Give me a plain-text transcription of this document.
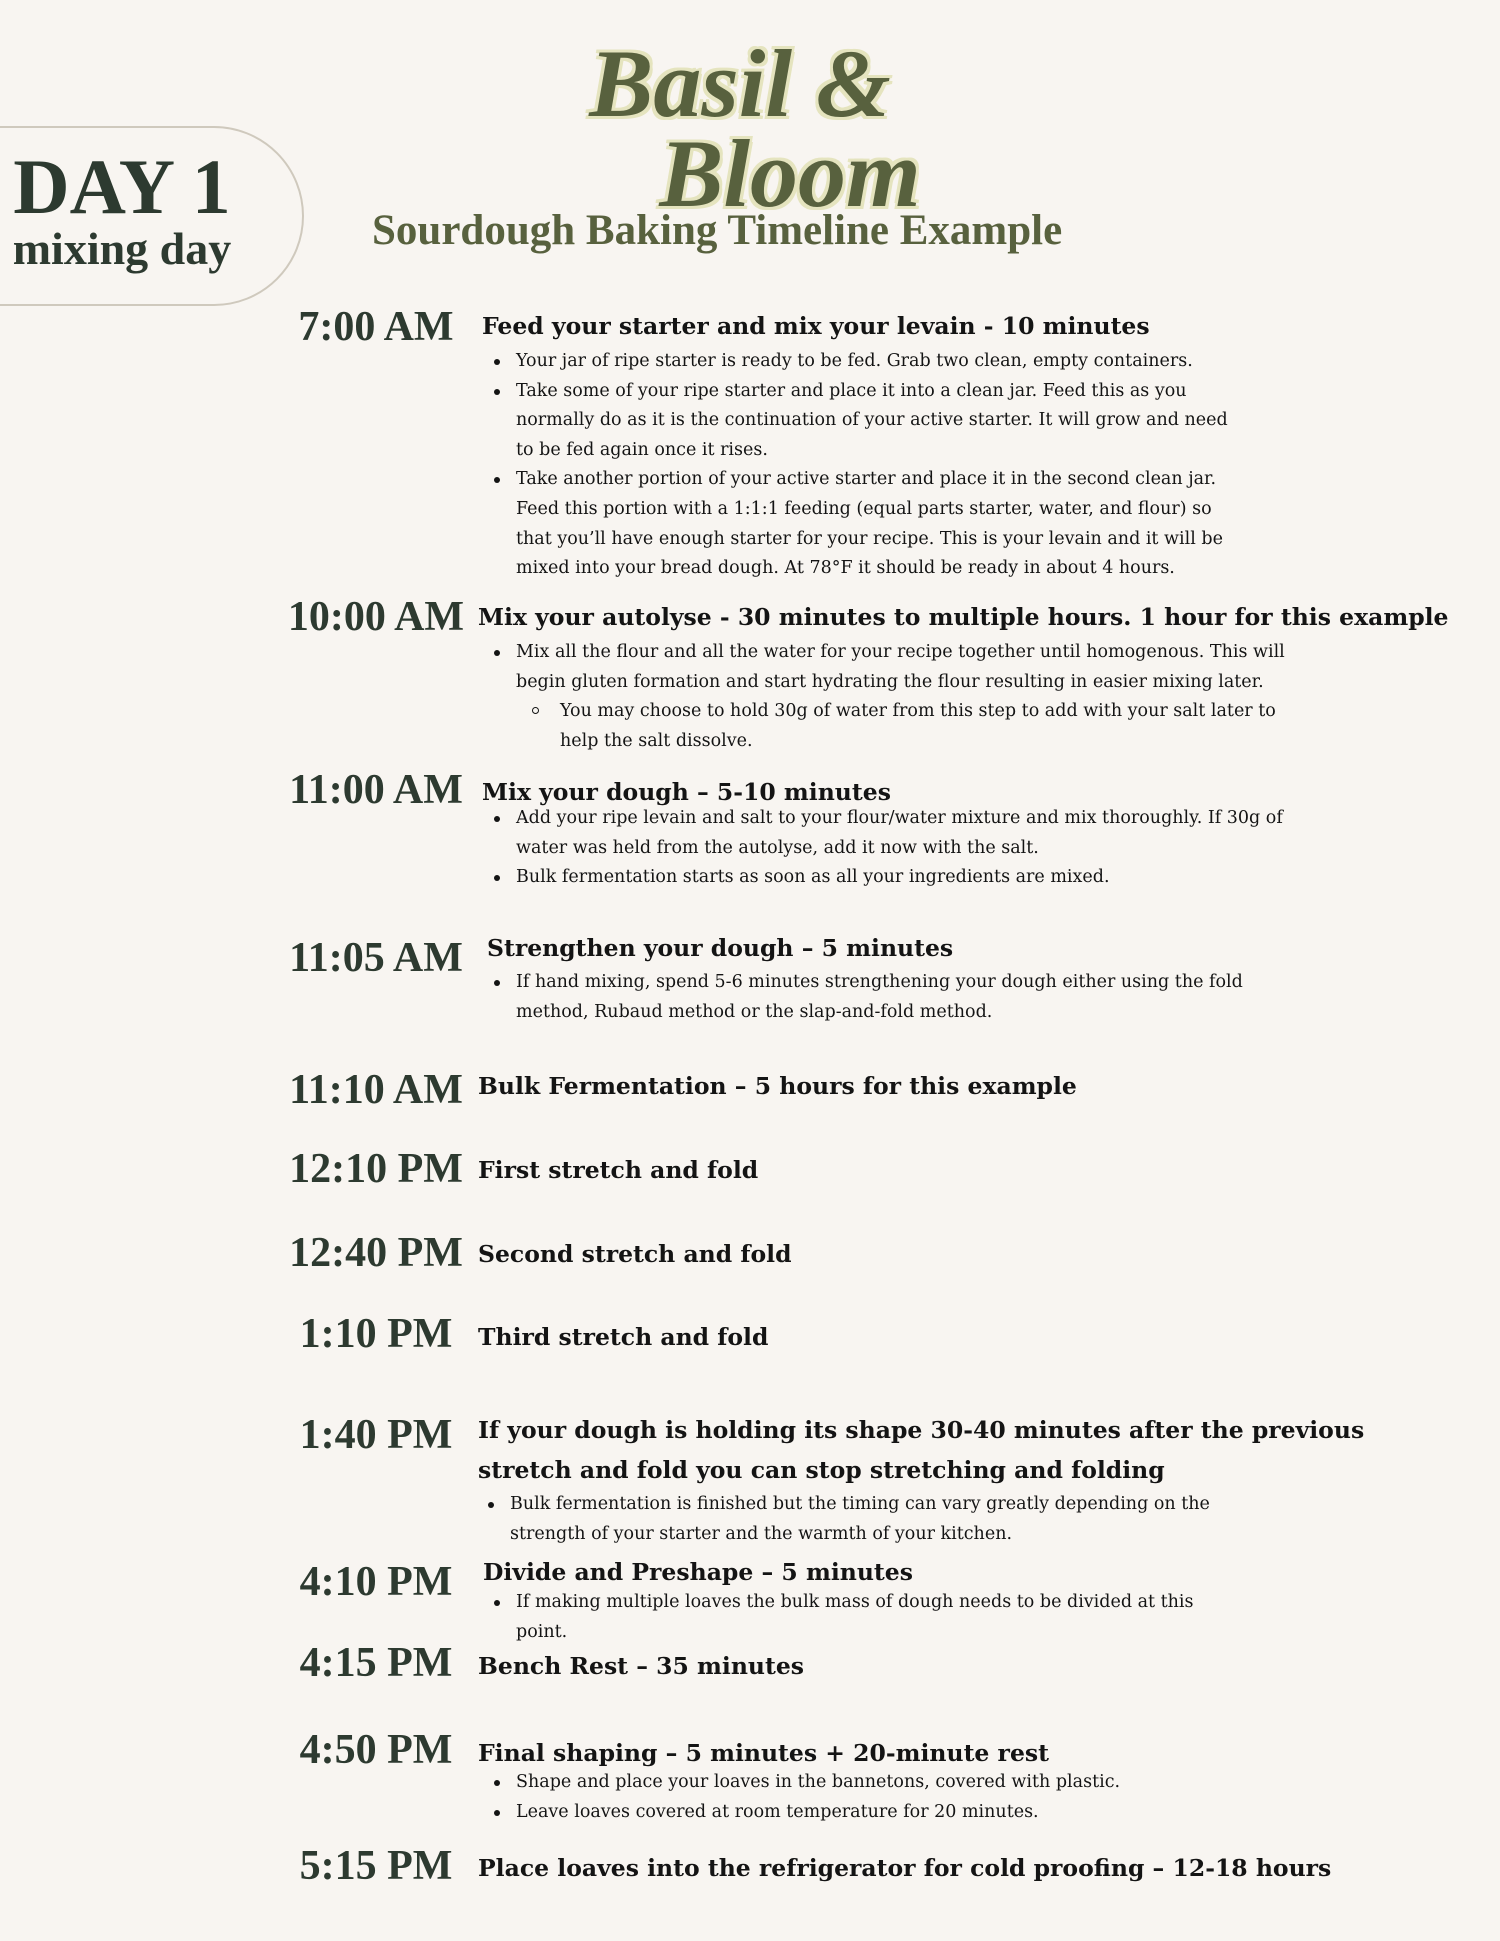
DAY 1
mixing day
Basil &
Bloom
Sourdough Baking Timeline Example
7:00 AM	Feed your starter and mix your levain - 10 minutes
Your jar of ripe starter is ready to be fed. Grab two clean, empty containers.
Take some of your ripe starter and place it into a clean jar. Feed this as you normally do as it is the continuation of your active starter. It will grow and need to be fed again once it rises.
Take another portion of your active starter and place it in the second clean jar. Feed this portion with a 1:1:1 feeding (equal parts starter, water, and flour) so that you’ll have enough starter for your recipe. This is your levain and it will be mixed into your bread dough. At 78°F it should be ready in about 4 hours.
10:00 AM Mix your autolyse - 30 minutes to multiple hours. 1 hour for this example
Mix all the flour and all the water for your recipe together until homogenous. This will begin gluten formation and start hydrating the flour resulting in easier mixing later.
You may choose to hold 30g of water from this step to add with your salt later to help the salt dissolve.
11:00 AM Mix your dough – 5-10 minutes
Add your ripe levain and salt to your flour/water mixture and mix thoroughly. If 30g of water was held from the autolyse, add it now with the salt.
Bulk fermentation starts as soon as all your ingredients are mixed.
11:05 AM	Strengthen your dough – 5 minutes
If hand mixing, spend 5-6 minutes strengthening your dough either using the fold method, Rubaud method or the slap-and-fold method.
11:10 AM Bulk Fermentation – 5 hours for this example
12:10 PM First stretch and fold
12:40 PM Second stretch and fold
1:10 PM	Third stretch and fold
1:40 PM	If your dough is holding its shape 30-40 minutes after the previous stretch and fold you can stop stretching and folding
Bulk fermentation is finished but the timing can vary greatly depending on the strength of your starter and the warmth of your kitchen.
4:10 PM	Divide and Preshape – 5 minutes
If making multiple loaves the bulk mass of dough needs to be divided at this point.
4:15 PM	Bench Rest – 35 minutes
4:50 PM	Final shaping – 5 minutes + 20-minute rest
Shape and place your loaves in the bannetons, covered with plastic.
Leave loaves covered at room temperature for 20 minutes.
5:15 PM	Place loaves into the refrigerator for cold proofing – 12-18 hours
